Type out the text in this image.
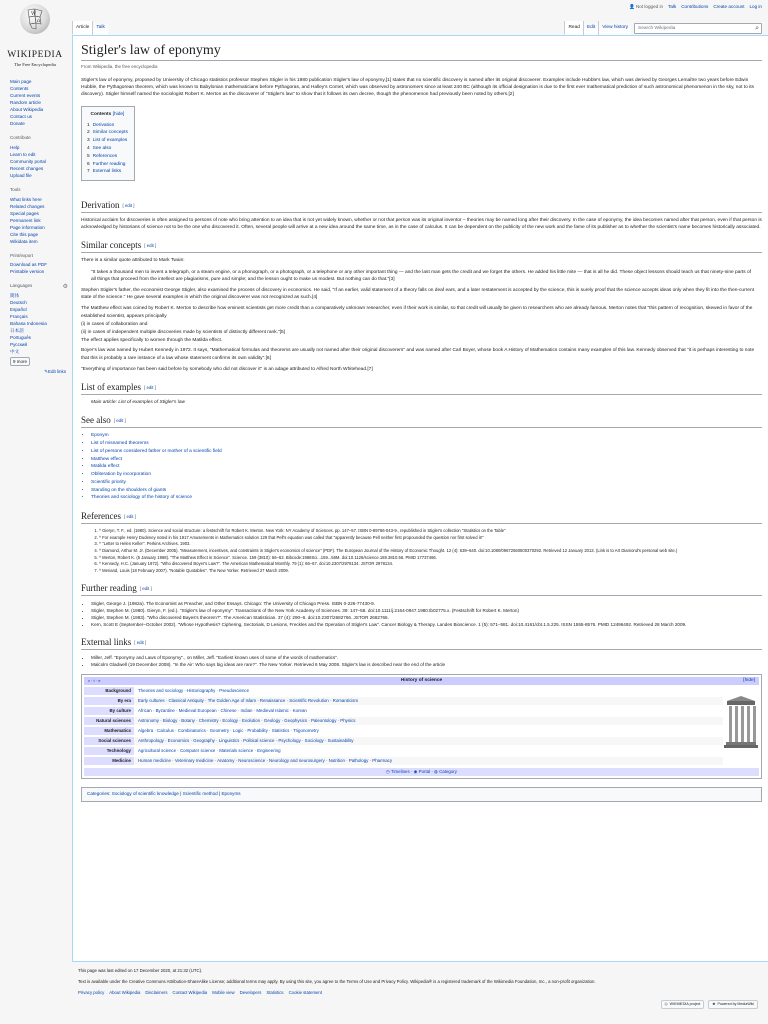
W
Ω
WIKIPEDIA
The Free Encyclopedia
Main page
Contents
Current events
Random article
About Wikipedia
Contact us
Donate
Contribute
Help
Learn to edit
Community portal
Recent changes
Upload file
Tools
What links here
Related changes
Special pages
Permanent link
Page information
Cite this page
Wikidata item
Print/export
Download as PDF
Printable version
Languages	⚙
簡体
Deutsch
Español
Français
Bahasa Indonesia
日本語
Português
Русский
中文
9 more
✎Edit links
👤 Not logged in Talk Contributions Create account Log in
Article	Talk	Read	Edit	View history	Search Wikipedia	⌕
Stigler's law of eponymy
From Wikipedia, the free encyclopedia

Stigler's law of eponymy, proposed by University of Chicago statistics professor Stephen Stigler in his 1980 publication Stigler's law of eponymy,[1] states that no scientific discovery is named after its original discoverer. Examples include Hubble's law, which was derived by Georges Lemaître two years before Edwin Hubble, the Pythagorean theorem, which was known to Babylonian mathematicians before Pythagoras, and Halley's Comet, which was observed by astronomers since at least 240 BC (although its official designation is due to the first ever mathematical prediction of such astronomical phenomenon in the sky, not to its discovery). Stigler himself named the sociologist Robert K. Merton as the discoverer of "Stigler's law" to show that it follows its own decree, though the phenomenon had previously been noted by others.[2]

Contents [hide]
1 Derivation
2 Similar concepts
3 List of examples
4 See also
5 References
6 Further reading
7 External links
Derivation [ edit ]

Historical acclaim for discoveries is often assigned to persons of note who bring attention to an idea that is not yet widely known, whether or not that person was its original inventor – theories may be named long after their discovery. In the case of eponymy, the idea becomes named after that person, even if that person is acknowledged by historians of science not to be the one who discovered it. Often, several people will arrive at a new idea around the same time, as in the case of calculus. It can be dependent on the publicity of the new work and the fame of its publisher as to whether the scientist's name becomes historically associated.

Similar concepts [ edit ]

There is a similar quote attributed to Mark Twain:

"It takes a thousand men to invent a telegraph, or a steam engine, or a phonograph, or a photograph, or a telephone or any other important thing — and the last man gets the credit and we forget the others. He added his little mite — that is all he did. These object lessons should teach us that ninety-nine parts of all things that proceed from the intellect are plagiarisms, pure and simple; and the lesson ought to make us modest. But nothing can do that."[3]

Stephen Stigler's father, the economist George Stigler, also examined the process of discovery in economics. He said, "If an earlier, valid statement of a theory falls on deaf ears, and a later restatement is accepted by the science, this is surely proof that the science accepts ideas only when they fit into the then-current state of the science." He gave several examples in which the original discoverer was not recognized as such.[4]

The Matthew effect was coined by Robert K. Merton to describe how eminent scientists get more credit than a comparatively unknown researcher, even if their work is similar, so that credit will usually be given to researchers who are already famous. Merton notes that "this pattern of recognition, skewed in favor of the established scientist, appears principally

(i) in cases of collaboration and

(ii) in cases of independent multiple discoveries made by scientists of distinctly different rank."[5]

The effect applies specifically to women through the Matilda effect.

Boyer's law was named by Hubert Kennedy in 1972. It says, "Mathematical formulas and theorems are usually not named after their original discoverers" and was named after Carl Boyer, whose book A History of Mathematics contains many examples of this law. Kennedy observed that "it is perhaps interesting to note that this is probably a rare instance of a law whose statement confirms its own validity".[6]

"Everything of importance has been said before by somebody who did not discover it" is an adage attributed to Alfred North Whitehead.[7]

List of examples [ edit ]
Main article: List of examples of Stigler's law
See also [ edit ]
• Eponym
• List of misnamed theorems
• List of persons considered father or mother of a scientific field
• Matthew effect
• Matilda effect
• Obliteration by incorporation
• Scientific priority
• Standing on the shoulders of giants
• Theories and sociology of the history of science
References [ edit ]
1. ^ Gieryn, T. F., ed. (1980). Science and social structure: a festschrift for Robert K. Merton. New York: NY Academy of Sciences. pp. 147–57. ISBN 0-89766-043-9., republished in Stigler's collection "Statistics on the Table"
2. ^ For example Henry Dudeney noted in his 1917 Amusements in Mathematics solution 129 that Pell's equation was called that "apparently because Pell neither first propounded the question nor first solved it!"
3. ^ "Letter to Helen Keller". Perkins Archives. 1903.
4. ^ Diamond, Arthur M. Jr. (December 2005). "Measurement, incentives, and constraints in Stigler's economics of science" (PDF). The European Journal of the History of Economic Thought. 12 (4): 639–640. doi:10.1080/09672560500370292. Retrieved 12 January 2013. (Link is to Art Diamond's personal web site.)
5. ^ Merton, Robert K. (5 January 1968). "The Matthew Effect in Science". Science. 159 (3810): 56–63. Bibcode:1968Sci...159...56M. doi:10.1126/science.159.3810.56. PMID 17737466.
6. ^ Kennedy, H.C. (January 1972). "Who discovered Boyer's Law?". The American Mathematical Monthly. 79 (1): 66–67. doi:10.2307/2978134. JSTOR 2978134.
7. ^ Menand, Louis (18 February 2007). "Notable Quotables". The New Yorker. Retrieved 27 March 2009.
Further reading [ edit ]
• Stigler, George J. (1982a). The Economist as Preacher, and Other Essays. Chicago: The University of Chicago Press. ISBN 0-226-77430-9.
• Stigler, Stephen M. (1980). Gieryn, F. (ed.). "Stigler's law of eponymy". Transactions of the New York Academy of Sciences. 39: 147–58. doi:10.1111/j.2164-0947.1980.tb02775.x. (Festschrift for Robert K. Merton)
• Stigler, Stephen M. (1983). "Who discovered Bayes's theorem?". The American Statistician. 37 (4): 290–6. doi:10.2307/2682766. JSTOR 2682766.
• Kern, Scott E (September–October 2002). "Whose Hypothesis? Ciphering, Sectorials, D Lesions, Freckles and the Operation of Stigler's Law". Cancer Biology & Therapy. Landes Bioscience. 1 (5): 571–581. doi:10.4161/cbt.1.5.225. ISSN 1555-8576. PMID 12496492. Retrieved 28 March 2009.
External links [ edit ]
• Miller, Jeff. "Eponymy and Laws of Eponymy"., on Miller, Jeff. "Earliest known uses of some of the words of mathematics".
• Malcolm Gladwell (19 December 2008). "In the Air: Who says big ideas are rare?". The New Yorker. Retrieved 6 May 2008. Stigler's law is described near the end of the article
v · t · e	History of science	[hide]
Background	Theories and sociology · Historiography · Pseudoscience	
By era	Early cultures · Classical Antiquity · The Golden Age of Islam · Renaissance · Scientific Revolution · Romanticism	
By culture	African · Byzantine · Medieval European · Chinese · Indian · Medieval Islamic · Korean	
Natural sciences	Astronomy · Biology · Botany · Chemistry · Ecology · Evolution · Geology · Geophysics · Paleontology · Physics	
Mathematics	Algebra · Calculus · Combinatorics · Geometry · Logic · Probability · Statistics · Trigonometry	
Social sciences	Anthropology · Economics · Geography · Linguistics · Political science · Psychology · Sociology · Sustainability	
Technology	Agricultural science · Computer science · Materials science · Engineering	
Medicine	Human medicine · Veterinary medicine · Anatomy · Neuroscience · Neurology and neurosurgery · Nutrition · Pathology · Pharmacy	
◷ Timelines · ◉ Portal · ◍ Category
Categories: Sociology of scientific knowledge | Scientific method | Eponyms

This page was last edited on 17 December 2020, at 21:32 (UTC).

Text is available under the Creative Commons Attribution-ShareAlike License; additional terms may apply. By using this site, you agree to the Terms of Use and Privacy Policy. Wikipedia® is a registered trademark of the Wikimedia Foundation, Inc., a non-profit organization.

Privacy policy About Wikipedia Disclaimers Contact Wikipedia Mobile view Developers Statistics Cookie statement
◎ WIKIMEDIA project	❀ Powered by MediaWiki
